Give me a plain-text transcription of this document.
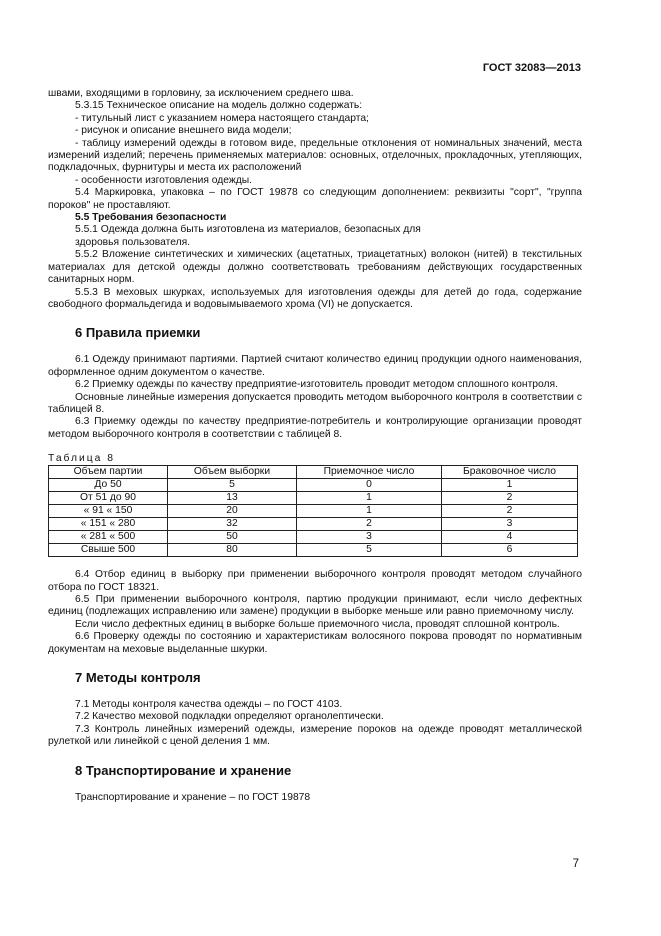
ГОСТ 32083—2013

швами, входящими в горловину, за исключением среднего шва.

5.3.15 Техническое описание на модель должно содержать:

- титульный лист с указанием номера настоящего стандарта;

- рисунок и описание внешнего вида модели;

- таблицу измерений одежды в готовом виде, предельные отклонения от номинальных значений, места измерений изделий; перечень применяемых материалов: основных, отделочных, прокладочных, утепляющих, подкладочных, фурнитуры и места их расположений

- особенности изготовления одежды.

5.4 Маркировка, упаковка – по ГОСТ 19878 со следующим дополнением: реквизиты "сорт", "группа пороков" не проставляют.

5.5 Требования безопасности

5.5.1 Одежда должна быть изготовлена из материалов, безопасных для

здоровья пользователя.

5.5.2 Вложение синтетических и химических (ацетатных, триацетатных) волокон (нитей) в текстильных материалах для детской одежды должно соответствовать требованиям действующих государственных санитарных норм.

5.5.3 В меховых шкурках, используемых для изготовления одежды для детей до года, содержание свободного формальдегида и водовымываемого хрома (VI) не допускается.

6 Правила приемки

6.1 Одежду принимают партиями. Партией считают количество единиц продукции одного наименования, оформленное одним документом о качестве.

6.2 Приемку одежды по качеству предприятие-изготовитель проводит методом сплошного контроля.

Основные линейные измерения допускается проводить методом выборочного контроля в соответствии с таблицей 8.

6.3 Приемку одежды по качеству предприятие-потребитель и контролирующие организации проводят методом выборочного контроля в соответствии с таблицей 8.

Таблица 8
Объем партии	Объем выборки	Приемочное число	Браковочное число
До 50	5	0	1
От 51 до 90	13	1	2
« 91 « 150	20	1	2
« 151 « 280	32	2	3
« 281 « 500	50	3	4
Свыше 500	80	5	6

6.4 Отбор единиц в выборку при применении выборочного контроля проводят методом случайного отбора по ГОСТ 18321.

6.5 При применении выборочного контроля, партию продукции принимают, если число дефектных единиц (подлежащих исправлению или замене) продукции в выборке меньше или равно приемочному числу.

Если число дефектных единиц в выборке больше приемочного числа, проводят сплошной контроль.

6.6 Проверку одежды по состоянию и характеристикам волосяного покрова проводят по нормативным документам на меховые выделанные шкурки.

7 Методы контроля

7.1 Методы контроля качества одежды – по ГОСТ 4103.

7.2 Качество меховой подкладки определяют органолептически.

7.3 Контроль линейных измерений одежды, измерение пороков на одежде проводят металлической рулеткой или линейкой с ценой деления 1 мм.

8 Транспортирование и хранение

Транспортирование и хранение – по ГОСТ 19878

7
